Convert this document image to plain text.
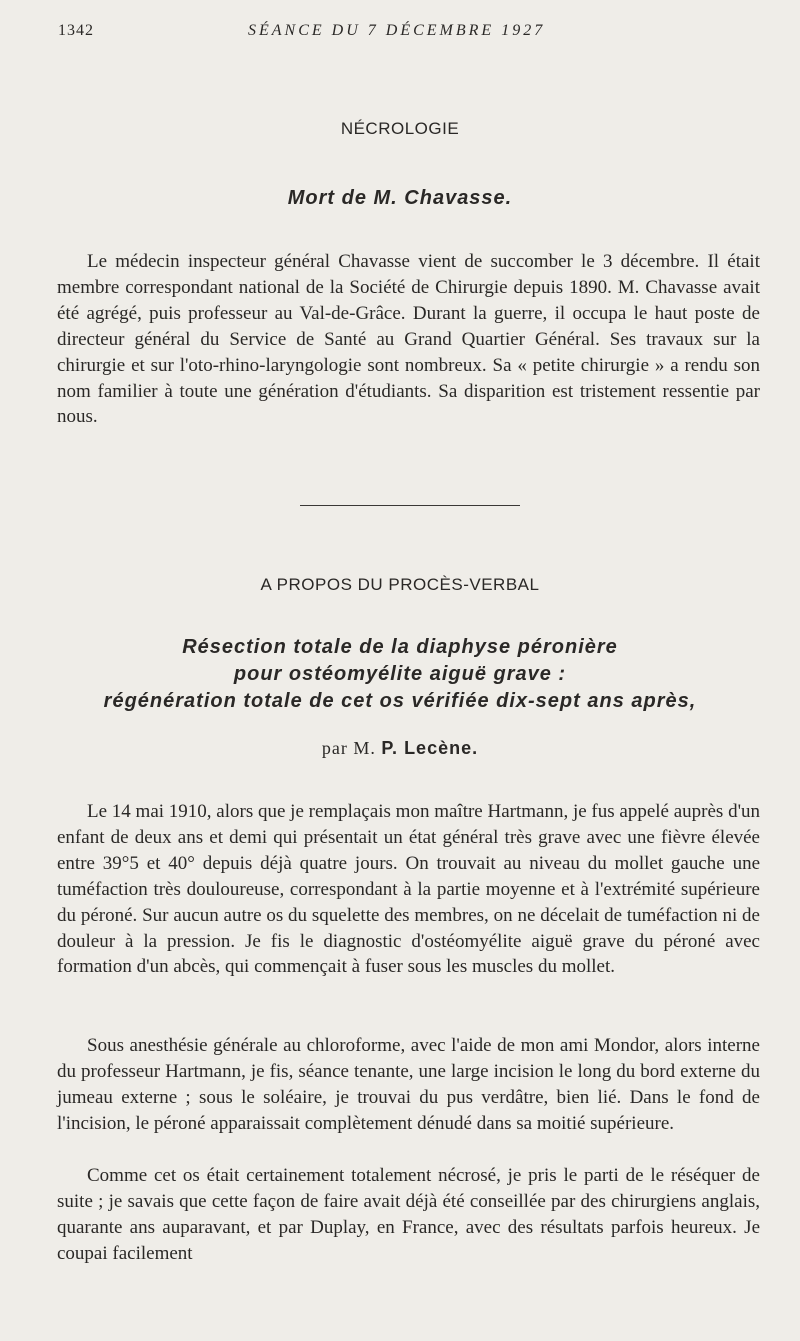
1342	SÉANCE DU 7 DÉCEMBRE 1927
NÉCROLOGIE
Mort de M. Chavasse.
Le médecin inspecteur général Chavasse vient de succomber le 3 décembre. Il était membre correspondant national de la Société de Chirurgie depuis 1890. M. Chavasse avait été agrégé, puis professeur au Val-de-Grâce. Durant la guerre, il occupa le haut poste de directeur général du Service de Santé au Grand Quartier Général. Ses travaux sur la chirurgie et sur l'oto-rhino-laryngologie sont nombreux. Sa « petite chirurgie » a rendu son nom familier à toute une génération d'étudiants. Sa disparition est tristement ressentie par nous.
A PROPOS DU PROCÈS-VERBAL
Résection totale de la diaphyse péronière
pour ostéomyélite aiguë grave :
régénération totale de cet os vérifiée dix-sept ans après,
par M. P. Lecène.
Le 14 mai 1910, alors que je remplaçais mon maître Hartmann, je fus appelé auprès d'un enfant de deux ans et demi qui présentait un état général très grave avec une fièvre élevée entre 39°5 et 40° depuis déjà quatre jours. On trouvait au niveau du mollet gauche une tuméfaction très douloureuse, correspondant à la partie moyenne et à l'extrémité supérieure du péroné. Sur aucun autre os du squelette des membres, on ne décelait de tuméfaction ni de douleur à la pression. Je fis le diagnostic d'ostéomyélite aiguë grave du péroné avec formation d'un abcès, qui commençait à fuser sous les muscles du mollet.
Sous anesthésie générale au chloroforme, avec l'aide de mon ami Mondor, alors interne du professeur Hartmann, je fis, séance tenante, une large incision le long du bord externe du jumeau externe ; sous le soléaire, je trouvai du pus verdâtre, bien lié. Dans le fond de l'incision, le péroné apparaissait complètement dénudé dans sa moitié supérieure.
Comme cet os était certainement totalement nécrosé, je pris le parti de le réséquer de suite ; je savais que cette façon de faire avait déjà été conseillée par des chirurgiens anglais, quarante ans auparavant, et par Duplay, en France, avec des résultats parfois heureux. Je coupai facilement
